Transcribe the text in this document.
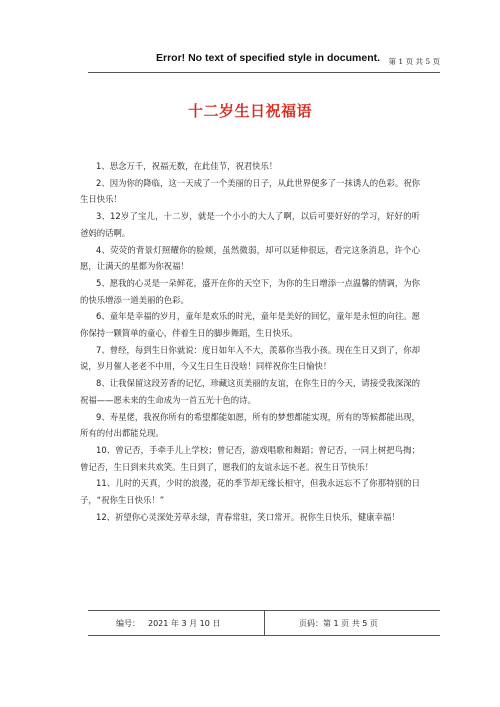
Error! No text of specified style in document. 第 1 页 共 5 页
十二岁生日祝福语

1、思念万千，祝福无数，在此佳节，祝君快乐！

2、因为你的降临，这一天成了一个美丽的日子，从此世界便多了一抹诱人的色彩。祝你生日快乐！

3、12岁了宝儿，十二岁，就是一个小小的大人了啊，以后可要好好的学习，好好的听爸妈的话啊。

4、荧荧的背景灯照耀你的脸颊，虽然微弱，却可以延伸很远，看完这条消息，许个心愿，让满天的星都为你祝福！

5、愿我的心灵是一朵鲜花，盛开在你的天空下，为你的生日增添一点温馨的情调，为你的快乐增添一道美丽的色彩。

6、童年是幸福的岁月，童年是欢乐的时光，童年是美好的回忆，童年是永恒的向往。愿你保持一颗简单的童心，伴着生日的脚步舞蹈，生日快乐。

7、曾经，每到生日你就说：度日如年入不大，羡慕你当我小孩。现在生日又到了，你却说，岁月催人老老不中用，今又生日生日没啥！同样祝你生日愉快！

8、让我保留这段芳香的记忆，珍藏这页美丽的友谊，在你生日的今天，请接受我深深的祝福——愿未来的生命成为一首五光十色的诗。

9、寿星佬，我祝你所有的希望都能如愿，所有的梦想都能实现，所有的等候都能出现，所有的付出都能兑现。

10、曾记否，手牵手儿上学校；曾记否，游戏唱歌和舞蹈；曾记否，一同上树把鸟掏；曾记否，生日到来共欢笑。生日到了，愿我们的友谊永远不老。祝生日节快乐！

11、儿时的天真，少时的浪漫，花的季节却无缘长相守，但我永远忘不了你那特别的日子，“祝你生日快乐！”

12、祈望你心灵深处芳草永绿，青春常驻，笑口常开。祝你生日快乐，健康幸福！

编号： 2021 年 3 月 10 日	页码：第 1 页 共 5 页
